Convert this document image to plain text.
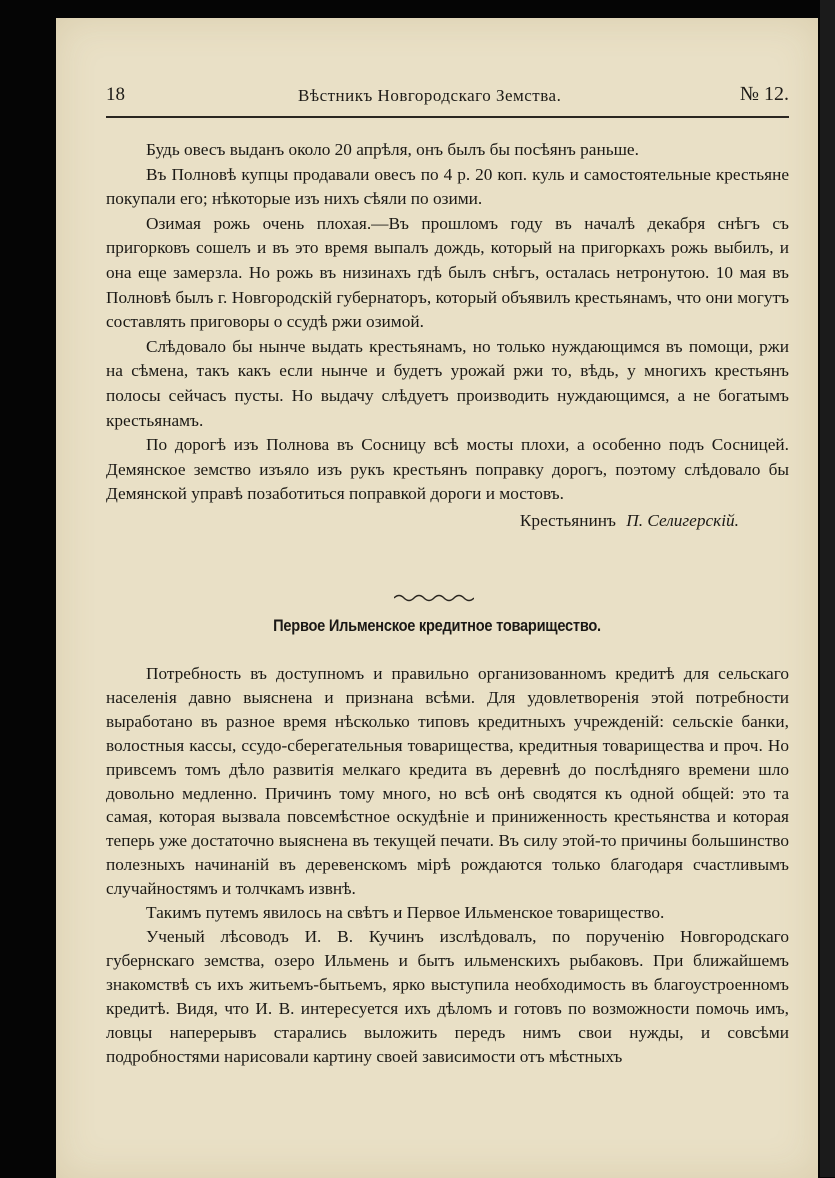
18	Вѣстникъ Новгородскаго Земства.	№ 12.

Будь овесъ выданъ около 20 апрѣля, онъ былъ бы посѣянъ раньше.

Въ Полновѣ купцы продавали овесъ по 4 р. 20 коп. куль и самостоятельные крестьяне покупали его; нѣкоторые изъ нихъ сѣяли по озими.

Озимая рожь очень плохая.—Въ прошломъ году въ началѣ декабря снѣгъ съ пригорковъ сошелъ и въ это время выпалъ дождь, который на пригоркахъ рожь выбилъ, и она еще замерзла. Но рожь въ низинахъ гдѣ былъ снѣгъ, осталась нетронутою. 10 мая въ Полновѣ былъ г. Новгородскій губернаторъ, который объявилъ крестьянамъ, что они могутъ составлять приговоры о ссудѣ ржи озимой.

Слѣдовало бы нынче выдать крестьянамъ, но только нуждающимся въ помощи, ржи на сѣмена, такъ какъ если нынче и будетъ урожай ржи то, вѣдь, у многихъ крестьянъ полосы сейчасъ пусты. Но выдачу слѣдуетъ производить нуждающимся, а не богатымъ крестьянамъ.

По дорогѣ изъ Полнова въ Сосницу всѣ мосты плохи, а особенно подъ Сосницей. Демянское земство изъяло изъ рукъ крестьянъ поправку дорогъ, поэтому слѣдовало бы Демянской управѣ позаботиться поправкой дороги и мостовъ.

Крестьянинъ П. Селигерскій.
Первое Ильменское кредитное товарищество.

Потребность въ доступномъ и правильно организованномъ кредитѣ для сельскаго населенія давно выяснена и признана всѣми. Для удовлетворенія этой потребности выработано въ разное время нѣсколько типовъ кредитныхъ учрежденій: сельскіе банки, волостныя кассы, ссудо-сберегательныя товарищества, кредитныя товарищества и проч. Но привсемъ томъ дѣло развитія мелкаго кредита въ деревнѣ до послѣдняго времени шло довольно медленно. Причинъ тому много, но всѣ онѣ сводятся къ одной общей: это та самая, которая вызвала повсемѣстное оскудѣніе и приниженность крестьянства и которая теперь уже достаточно выяснена въ текущей печати. Въ силу этой-то причины большинство полезныхъ начинаній въ деревенскомъ мірѣ рождаются только благодаря счастливымъ случайностямъ и толчкамъ извнѣ.

Такимъ путемъ явилось на свѣтъ и Первое Ильменское товарищество.

Ученый лѣсоводъ И. В. Кучинъ изслѣдовалъ, по порученію Новгородскаго губернскаго земства, озеро Ильмень и бытъ ильменскихъ рыбаковъ. При ближайшемъ знакомствѣ съ ихъ житьемъ-бытьемъ, ярко выступила необходимость въ благоустроенномъ кредитѣ. Видя, что И. В. интересуется ихъ дѣломъ и готовъ по возможности помочь имъ, ловцы наперерывъ старались выложить передъ нимъ свои нужды, и совсѣми подробностями нарисовали картину своей зависимости отъ мѣстныхъ
